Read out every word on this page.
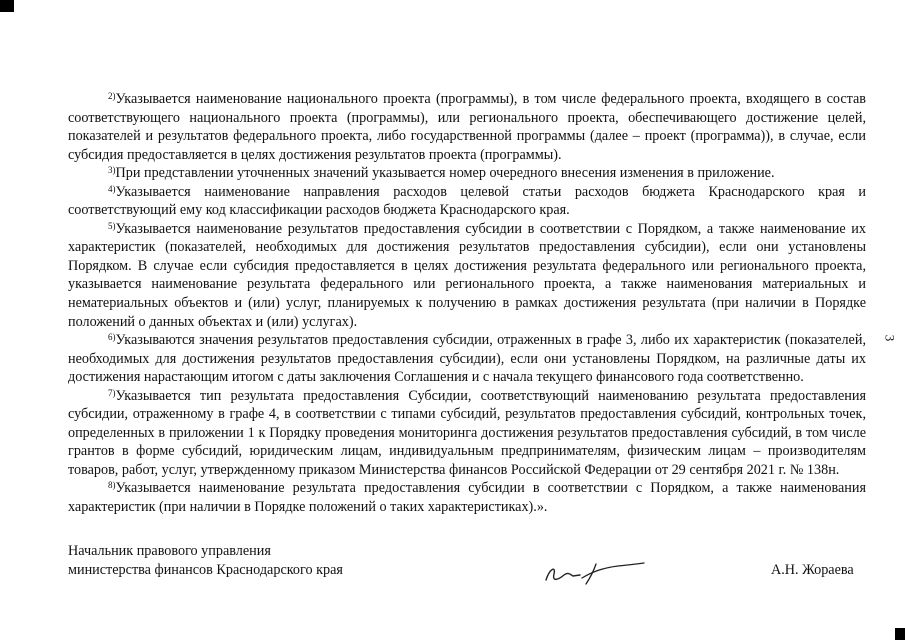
$^{2)}$Указывается наименование национального проекта (программы), в том числе федерального проекта, входящего в состав соответствующего национального проекта (программы), или регионального проекта, обеспечивающего достижение целей, показателей и результатов федерального проекта, либо государственной программы (далее – проект (программа)), в случае, если субсидия предоставляется в целях достижения результатов проекта (программы).

$^{3)}$При представлении уточненных значений указывается номер очередного внесения изменения в приложение.

$^{4)}$Указывается наименование направления расходов целевой статьи расходов бюджета Краснодарского края и соответствующий ему код классификации расходов бюджета Краснодарского края.

$^{5)}$Указывается наименование результатов предоставления субсидии в соответствии с Порядком, а также наименование их характеристик (показателей, необходимых для достижения результатов предоставления субсидии), если они установлены Порядком. В случае если субсидия предоставляется в целях достижения результата федерального или регионального проекта, указывается наименование результата федерального или регионального проекта, а также наименования материальных и нематериальных объектов и (или) услуг, планируемых к получению в рамках достижения результата (при наличии в Порядке положений о данных объектах и (или) услугах).

$^{6)}$Указываются значения результатов предоставления субсидии, отраженных в графе 3, либо их характеристик (показателей, необходимых для достижения результатов предоставления субсидии), если они установлены Порядком, на различные даты их достижения нарастающим итогом с даты заключения Соглашения и с начала текущего финансового года соответственно.

$^{7)}$Указывается тип результата предоставления Субсидии, соответствующий наименованию результата предоставления субсидии, отраженному в графе 4, в соответствии с типами субсидий, результатов предоставления субсидий, контрольных точек, определенных в приложении 1 к Порядку проведения мониторинга достижения результатов предоставления субсидий, в том числе грантов в форме субсидий, юридическим лицам, индивидуальным предпринимателям, физическим лицам – производителям товаров, работ, услуг, утвержденному приказом Министерства финансов Российской Федерации от 29 сентября 2021 г. № 138н.

$^{8)}$Указывается наименование результата предоставления субсидии в соответствии с Порядком, а также наименования характеристик (при наличии в Порядке положений о таких характеристиках).».

Начальник правового управления
министерства финансов Краснодарского края	А.Н. Жораева
3
